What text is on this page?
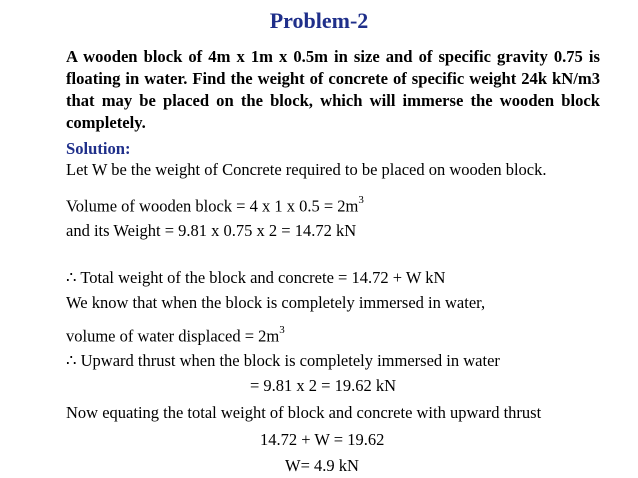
Problem-2
A wooden block of 4m x 1m x 0.5m in size and of specific gravity 0.75 is floating in water. Find the weight of concrete of specific weight 24k kN/m3 that may be placed on the block, which will immerse the wooden block completely.
Solution:
Let W be the weight of Concrete required to be placed on wooden block.
Volume of wooden block = 4 x 1 x $0.5 = 2m^3$
and its Weight = 9.81 x 0.75 x 2 = 14.72 kN
∴ Total weight of the block and concrete = 14.72 + W kN
We know that when the block is completely immersed in water,
volume of water displaced = $2m^3$
∴ Upward thrust when the block is completely immersed in water
= 9.81 x 2 = 19.62 kN
Now equating the total weight of block and concrete with upward thrust
14.72 + W = 19.62
W= 4.9 kN
